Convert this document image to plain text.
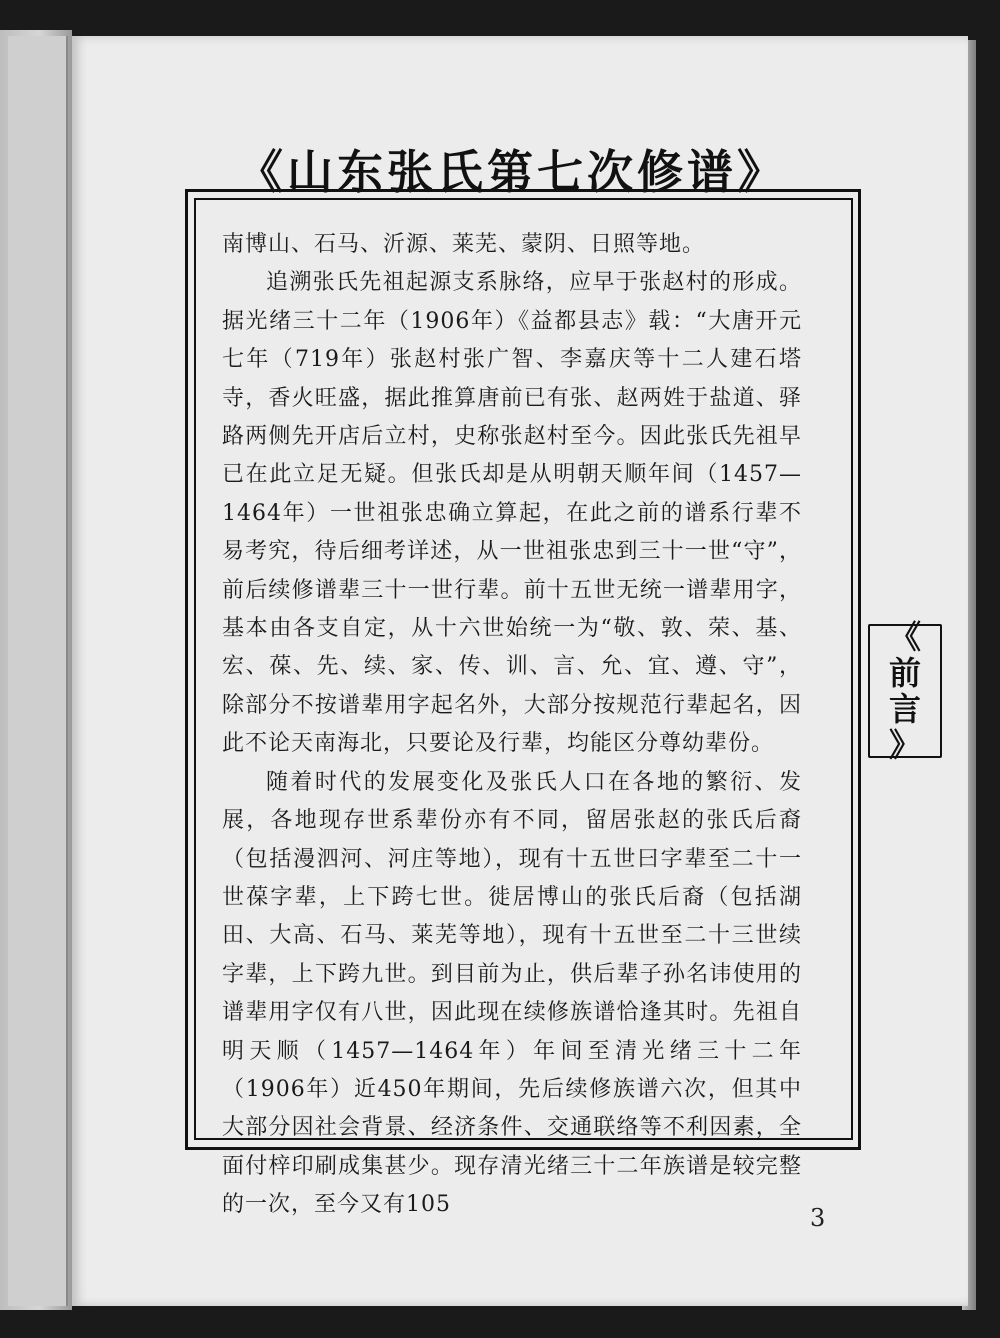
《山东张氏第七次修谱》

南博山、石马、沂源、莱芜、蒙阴、日照等地。

追溯张氏先祖起源支系脉络，应早于张赵村的形成。据光绪三十二年（1906年）《益都县志》载：“大唐开元七年（719年）张赵村张广智、李嘉庆等十二人建石塔寺，香火旺盛，据此推算唐前已有张、赵两姓于盐道、驿路两侧先开店后立村，史称张赵村至今。因此张氏先祖早已在此立足无疑。但张氏却是从明朝天顺年间（1457—1464年）一世祖张忠确立算起，在此之前的谱系行辈不易考究，待后细考详述，从一世祖张忠到三十一世“守”，前后续修谱辈三十一世行辈。前十五世无统一谱辈用字，基本由各支自定，从十六世始统一为“敬、敦、荣、基、宏、葆、先、续、家、传、训、言、允、宜、遵、守”，除部分不按谱辈用字起名外，大部分按规范行辈起名，因此不论天南海北，只要论及行辈，均能区分尊幼辈份。

随着时代的发展变化及张氏人口在各地的繁衍、发展，各地现存世系辈份亦有不同，留居张赵的张氏后裔（包括漫泗河、河庄等地），现有十五世曰字辈至二十一世葆字辈，上下跨七世。徙居博山的张氏后裔（包括湖田、大高、石马、莱芜等地），现有十五世至二十三世续字辈，上下跨九世。到目前为止，供后辈子孙名讳使用的谱辈用字仅有八世，因此现在续修族谱恰逢其时。先祖自明天顺（1457—1464年）年间至清光绪三十二年（1906年）近450年期间，先后续修族谱六次，但其中大部分因社会背景、经济条件、交通联络等不利因素，全面付梓印刷成集甚少。现存清光绪三十二年族谱是较完整的一次，至今又有105

《
前
言
》
3
